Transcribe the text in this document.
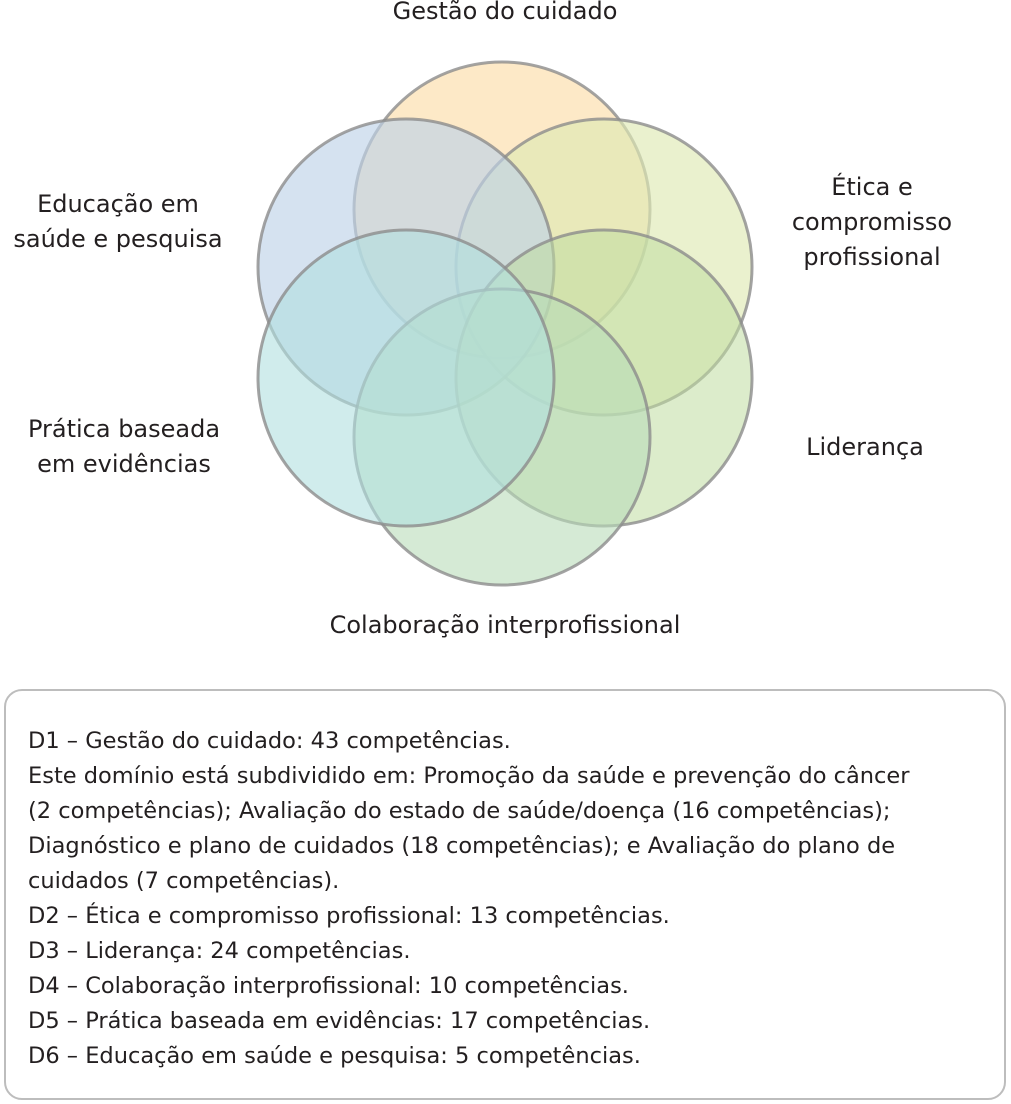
Gestão do cuidado
Ética e
compromisso
profissional
Liderança
Colaboração interprofissional
Prática baseada
em evidências
Educação em
saúde e pesquisa
D1 – Gestão do cuidado: 43 competências.
Este domínio está subdividido em: Promoção da saúde e prevenção do câncer
(2 competências); Avaliação do estado de saúde/doença (16 competências);
Diagnóstico e plano de cuidados (18 competências); e Avaliação do plano de
cuidados (7 competências).
D2 – Ética e compromisso profissional: 13 competências.
D3 – Liderança: 24 competências.
D4 – Colaboração interprofissional: 10 competências.
D5 – Prática baseada em evidências: 17 competências.
D6 – Educação em saúde e pesquisa: 5 competências.
